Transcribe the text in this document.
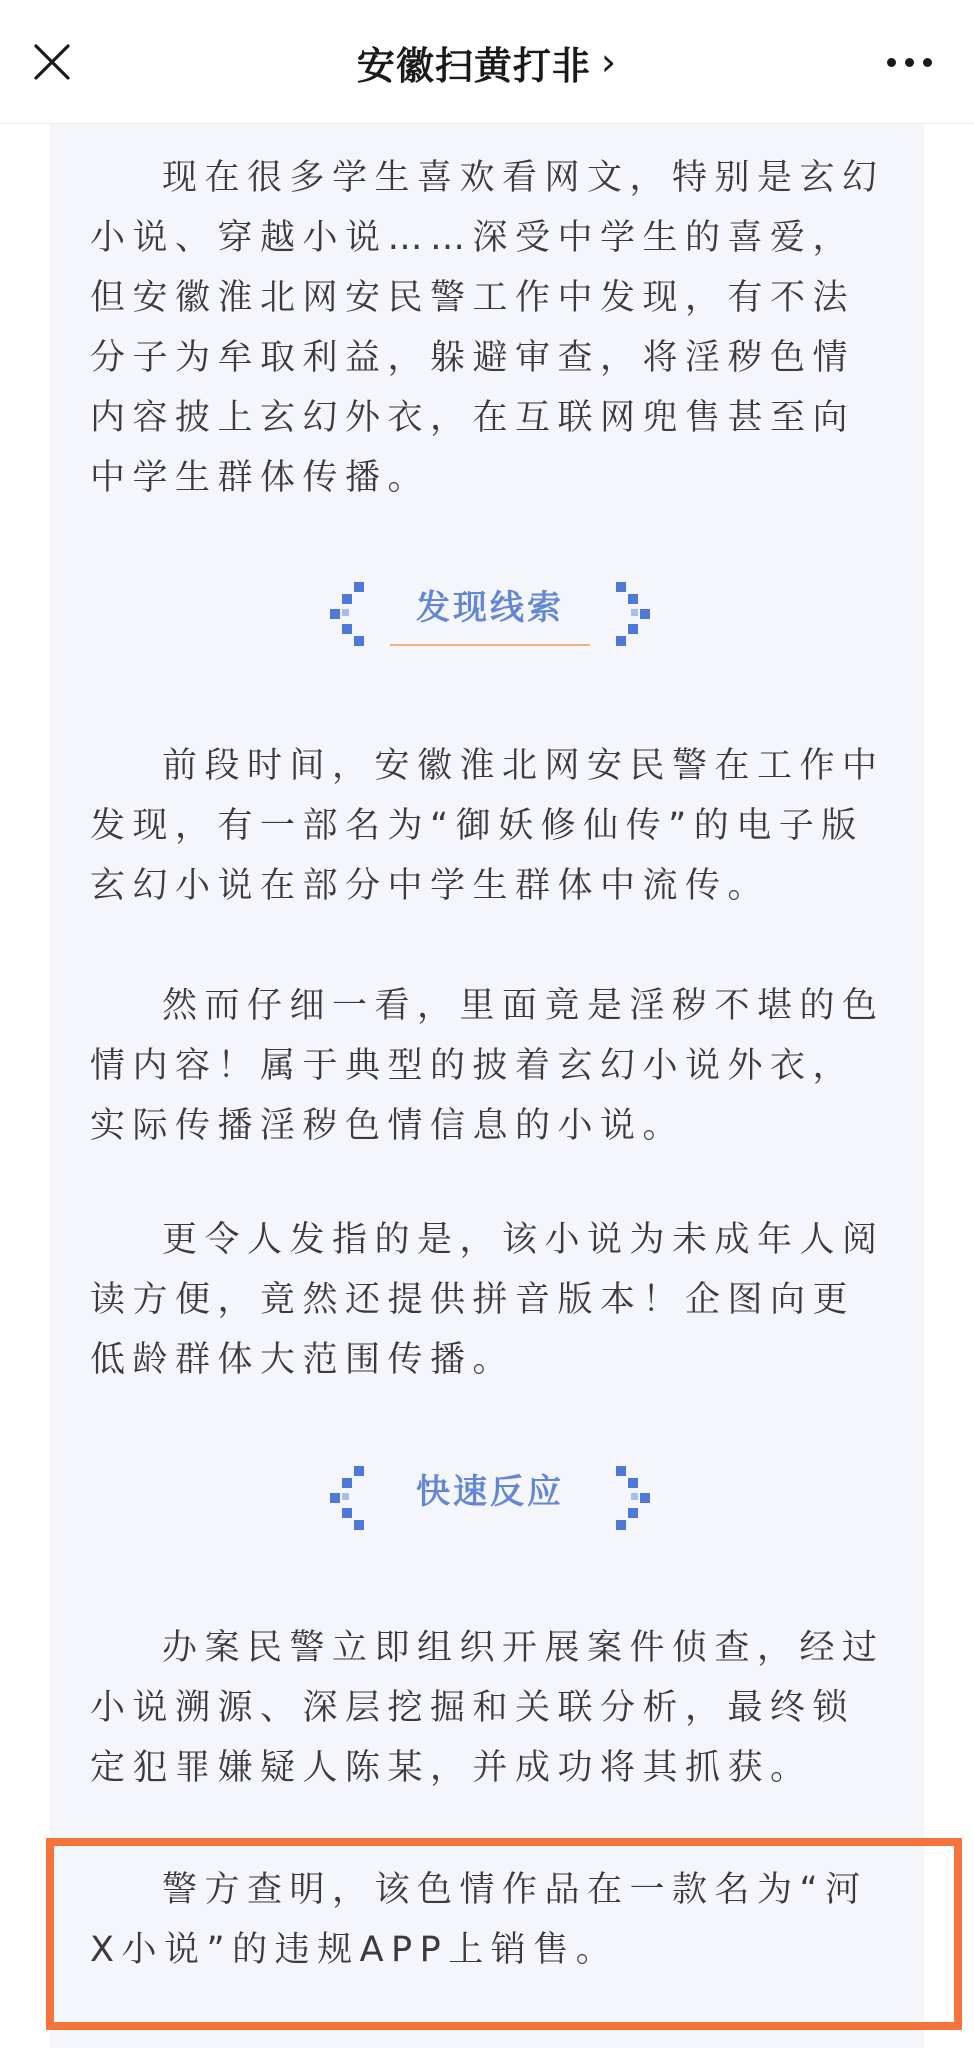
安徽扫黄打非 ›

现在很多学生喜欢看网文，特别是玄幻小说、穿越小说……深受中学生的喜爱，但安徽淮北网安民警工作中发现，有不法分子为牟取利益，躲避审查，将淫秽色情内容披上玄幻外衣，在互联网兜售甚至向中学生群体传播。

发现线索

前段时间，安徽淮北网安民警在工作中发现，有一部名为“御妖修仙传”的电子版玄幻小说在部分中学生群体中流传。

然而仔细一看，里面竟是淫秽不堪的色情内容！属于典型的披着玄幻小说外衣，实际传播淫秽色情信息的小说。

更令人发指的是，该小说为未成年人阅读方便，竟然还提供拼音版本！企图向更低龄群体大范围传播。

快速反应

办案民警立即组织开展案件侦查，经过小说溯源、深层挖掘和关联分析，最终锁定犯罪嫌疑人陈某，并成功将其抓获。

警方查明，该色情作品在一款名为“河X小说”的违规APP上销售。
